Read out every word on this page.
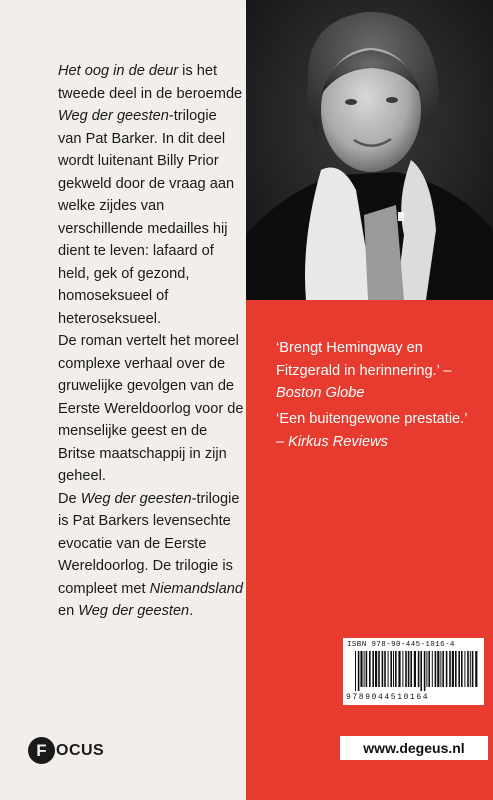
Het oog in de deur is het tweede deel in de beroemde Weg der geesten-trilogie van Pat Barker. In dit deel wordt luitenant Billy Prior gekweld door de vraag aan welke zijdes van verschillende medailles hij dient te leven: lafaard of held, gek of gezond, homoseksueel of heteroseksueel.

De roman vertelt het moreel complexe verhaal over de gruwelijke gevolgen van de Eerste Wereldoorlog voor de menselijke geest en de Britse maatschappij in zijn geheel.

De Weg der geesten-trilogie is Pat Barkers levensechte evocatie van de Eerste Wereldoorlog. De trilogie is compleet met Niemandsland en Weg der geesten.

F OCUS
‘Brengt Hemingway en Fitzgerald in herinnering.’ – Boston Globe
‘Een buitengewone prestatie.’
– Kirkus Reviews
ISBN 978-90-445-1016-4
9789044510164
www.degeus.nl
